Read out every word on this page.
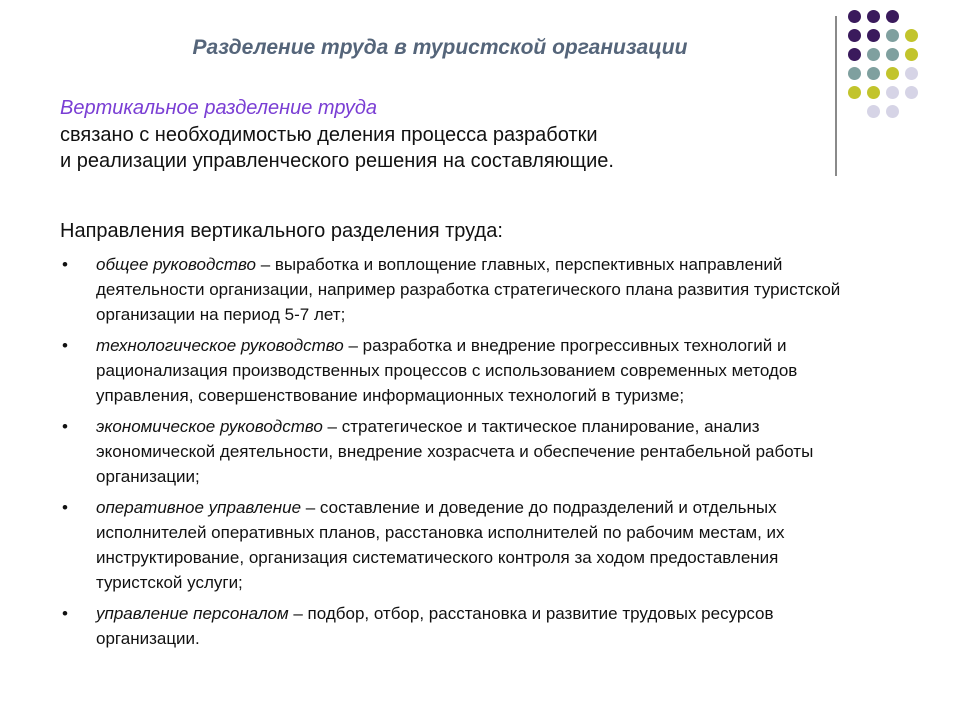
Разделение труда в туристской организации

Вертикальное разделение труда

связано с необходимостью деления процесса разработки
и реализации управленческого решения на составляющие.

Направления вертикального разделения труда:

• общее руководство – выработка и воплощение главных, перспективных направлений деятельности организации, например разработка стратегического плана развития туристской организации на период 5-7 лет;
• технологическое руководство – разработка и внедрение прогрессивных технологий и рационализация производственных процессов с использованием современных методов управления, совершенствование информационных технологий в туризме;
• экономическое руководство – стратегическое и тактическое планирование, анализ экономической деятельности, внедрение хозрасчета и обеспечение рентабельной работы организации;
• оперативное управление – составление и доведение до подразделений и отдельных исполнителей оперативных планов, расстановка исполнителей по рабочим местам, их инструктирование, организация систематического контроля за ходом предоставления туристской услуги;
• управление персоналом – подбор, отбор, расстановка и развитие трудовых ресурсов организации.
